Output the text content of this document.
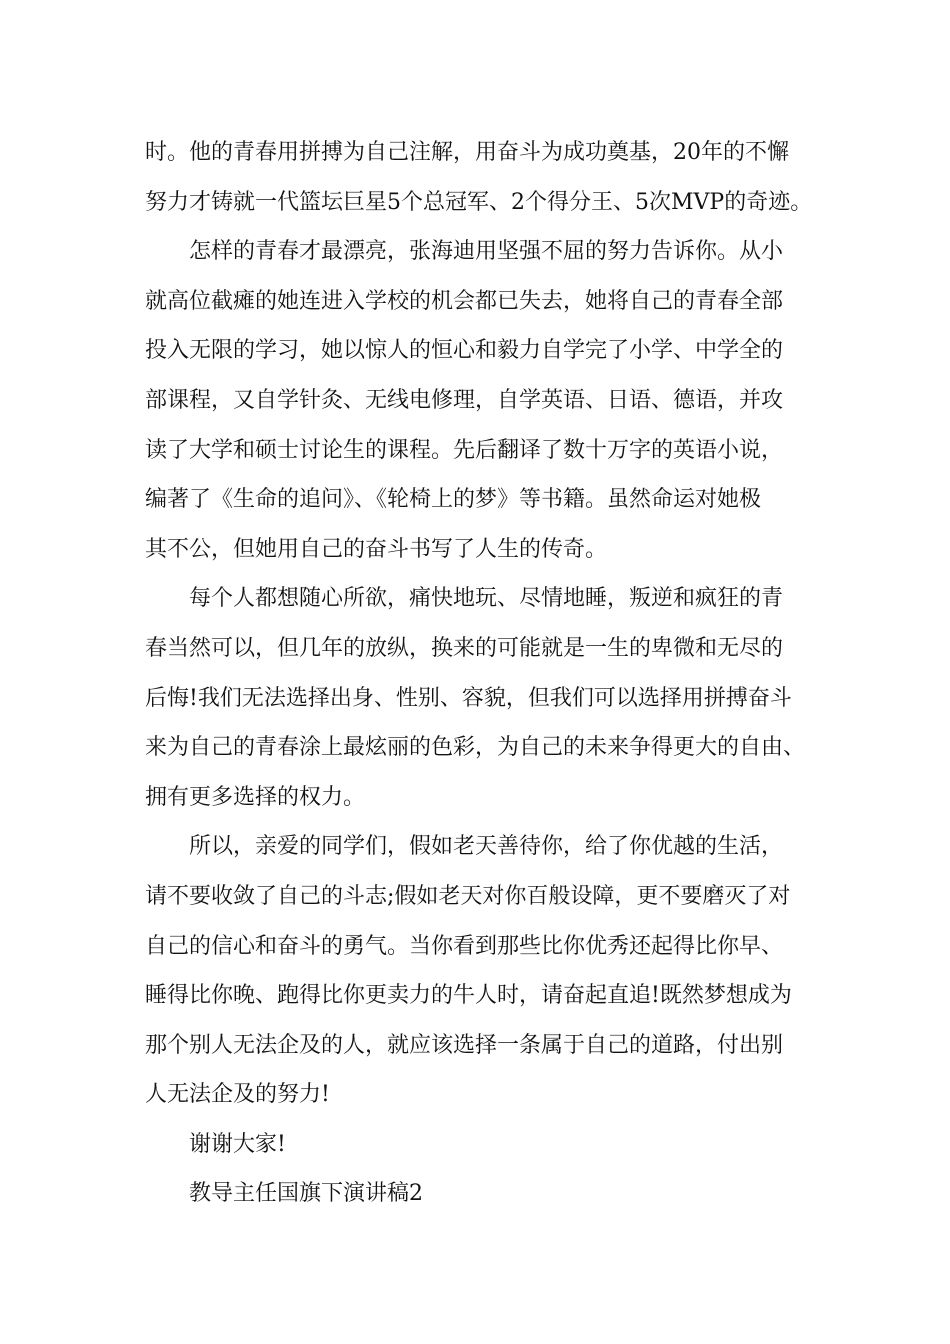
时。他的青春用拼搏为自己注解，用奋斗为成功奠基，20年的不懈
努力才铸就一代篮坛巨星5个总冠军、2个得分王、5次MVP的奇迹。
怎样的青春才最漂亮，张海迪用坚强不屈的努力告诉你。从小
就高位截瘫的她连进入学校的机会都已失去，她将自己的青春全部
投入无限的学习，她以惊人的恒心和毅力自学完了小学、中学全的
部课程，又自学针灸、无线电修理，自学英语、日语、德语，并攻
读了大学和硕士讨论生的课程。先后翻译了数十万字的英语小说，
编著了《生命的追问》、《轮椅上的梦》等书籍。虽然命运对她极
其不公，但她用自己的奋斗书写了人生的传奇。
每个人都想随心所欲，痛快地玩、尽情地睡，叛逆和疯狂的青
春当然可以，但几年的放纵，换来的可能就是一生的卑微和无尽的
后悔!我们无法选择出身、性别、容貌，但我们可以选择用拼搏奋斗
来为自己的青春涂上最炫丽的色彩，为自己的未来争得更大的自由、
拥有更多选择的权力。
所以，亲爱的同学们，假如老天善待你，给了你优越的生活，
请不要收敛了自己的斗志;假如老天对你百般设障，更不要磨灭了对
自己的信心和奋斗的勇气。当你看到那些比你优秀还起得比你早、
睡得比你晚、跑得比你更卖力的牛人时，请奋起直追!既然梦想成为
那个别人无法企及的人，就应该选择一条属于自己的道路，付出别
人无法企及的努力!
谢谢大家!
教导主任国旗下演讲稿2
